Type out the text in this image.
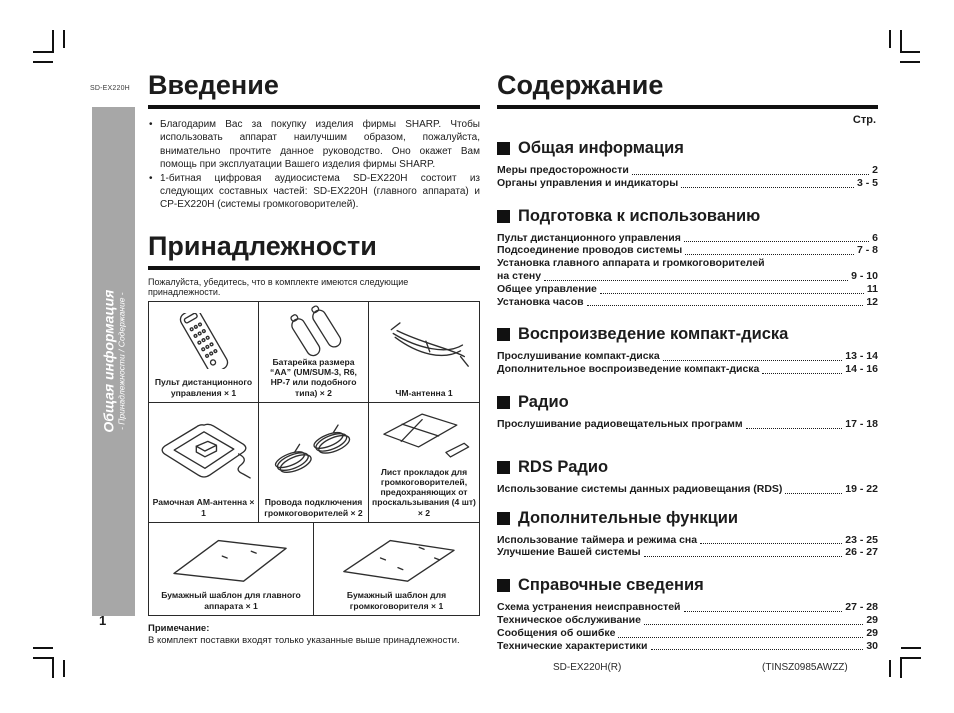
SD-EX220H
Общая информация - Принадлежности / Содержание -
1
Введение
• Благодарим Вас за покупку изделия фирмы SHARP. Чтобы использовать аппарат наилучшим образом, пожалуйста, внимательно прочтите данное руководство. Оно окажет Вам помощь при эксплуатации Вашего изделия фирмы SHARP.
• 1-битная цифровая аудиосистема SD-EX220H состоит из следующих составных частей: SD-EX220H (главного аппарата) и CP-EX220H (системы громкоговорителей).
Принадлежности
Пожалуйста, убедитесь, что в комплекте имеются следующие принадлежности.
Пульт дистанционного управления × 1
Батарейка размера “AA” (UM/SUM-3, R6, HP-7 или подобного типа) × 2	ЧМ-антенна 1
Рамочная AM-антенна × 1
Провода подключения громкоговорителей × 2
Лист прокладок для громкоговорителей, предохраняющих от проскальзывания (4 шт) × 2
Бумажный шаблон для главного аппарата × 1
Бумажный шаблон для громкоговорителя × 1
Примечание:
В комплект поставки входят только указанные выше принадлежности.
Содержание
Стр.
Общая информация
Меры предосторожности	2
Органы управления и индикаторы	3 - 5
Подготовка к использованию
Пульт дистанционного управления	6
Подсоединение проводов системы	7 - 8
Установка главного аппарата и громкоговорителей
на стену	9 - 10
Общее управление	11
Установка часов	12
Воспроизведение компакт-диска
Прослушивание компакт-диска	13 - 14
Дополнительное воспроизведение компакт-диска	14 - 16
Радио
Прослушивание радиовещательных программ	17 - 18
RDS Радио
Использование системы данных радиовещания (RDS)	19 - 22
Дополнительные функции
Использование таймера и режима сна	23 - 25
Улучшение Вашей системы	26 - 27
Справочные сведения
Схема устранения неисправностей	27 - 28
Техническое обслуживание	29
Сообщения об ошибке	29
Технические характеристики	30
SD-EX220H(R)	(TINSZ0985AWZZ)
